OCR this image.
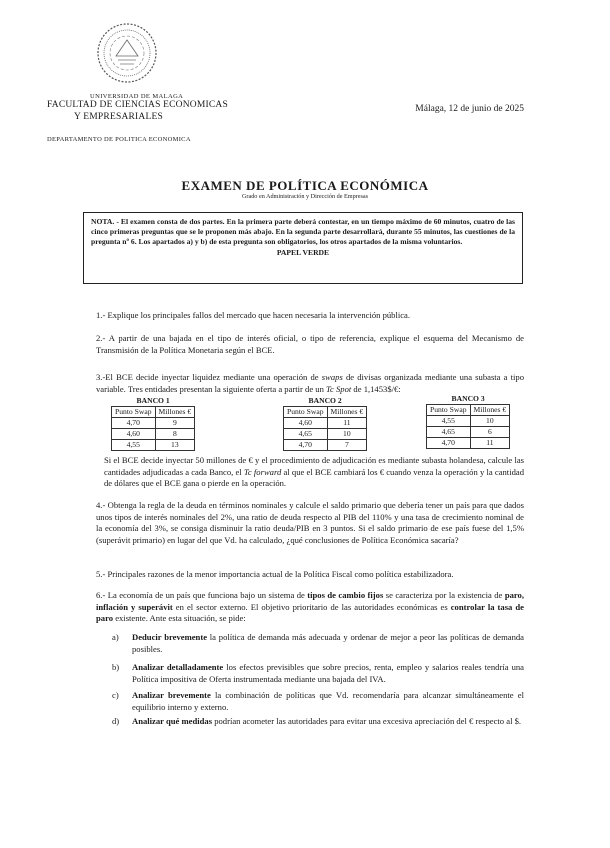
UNIVERSIDAD DE MALAGA
FACULTAD DE CIENCIAS ECONOMICAS
Y EMPRESARIALES
DEPARTAMENTO DE POLITICA ECONOMICA
Málaga, 12 de junio de 2025
EXAMEN DE POLÍTICA ECONÓMICA
Grado en Administración y Dirección de Empresas
NOTA. - El examen consta de dos partes. En la primera parte deberá contestar, en un tiempo máximo de 60 minutos, cuatro de las cinco primeras preguntas que se le proponen más abajo. En la segunda parte desarrollará, durante 55 minutos, las cuestiones de la pregunta nº 6. Los apartados a) y b) de esta pregunta son obligatorios, los otros apartados de la misma voluntarios.
PAPEL VERDE
1.- Explique los principales fallos del mercado que hacen necesaria la intervención pública.
2.- A partir de una bajada en el tipo de interés oficial, o tipo de referencia, explique el esquema del Mecanismo de Transmisión de la Política Monetaria según el BCE.
3.-El BCE decide inyectar liquidez mediante una operación de swaps de divisas organizada mediante una subasta a tipo variable. Tres entidades presentan la siguiente oferta a partir de un Tc Spot de 1,1453$/€:
BANCO 1	
Punto Swap	Millones €
4,70	9
4,60	8
4,55	13
BANCO 2	
Punto Swap	Millones €
4,60	11
4,65	10
4,70	7
BANCO 3	
Punto Swap	Millones €
4,55	10
4,65	6
4,70	11
Si el BCE decide inyectar 50 millones de € y el procedimiento de adjudicación es mediante subasta holandesa, calcule las cantidades adjudicadas a cada Banco, el Tc forward al que el BCE cambiará los € cuando venza la operación y la cantidad de dólares que el BCE gana o pierde en la operación.
4.- Obtenga la regla de la deuda en términos nominales y calcule el saldo primario que debería tener un país para que dados unos tipos de interés nominales del 2%, una ratio de deuda respecto al PIB del 110% y una tasa de crecimiento nominal de la economía del 3%, se consiga disminuir la ratio deuda/PIB en 3 puntos. Si el saldo primario de ese país fuese del 1,5% (superávit primario) en lugar del que Vd. ha calculado, ¿qué conclusiones de Política Económica sacaría?
5.- Principales razones de la menor importancia actual de la Política Fiscal como política estabilizadora.
6.- La economía de un país que funciona bajo un sistema de tipos de cambio fijos se caracteriza por la existencia de paro, inflación y superávit en el sector externo. El objetivo prioritario de las autoridades económicas es controlar la tasa de paro existente. Ante esta situación, se pide:
a) Deducir brevemente la política de demanda más adecuada y ordenar de mejor a peor las políticas de demanda posibles.
b) Analizar detalladamente los efectos previsibles que sobre precios, renta, empleo y salarios reales tendría una Política impositiva de Oferta instrumentada mediante una bajada del IVA.
c) Analizar brevemente la combinación de políticas que Vd. recomendaría para alcanzar simultáneamente el equilibrio interno y externo.
d) Analizar qué medidas podrían acometer las autoridades para evitar una excesiva apreciación del € respecto al $.
